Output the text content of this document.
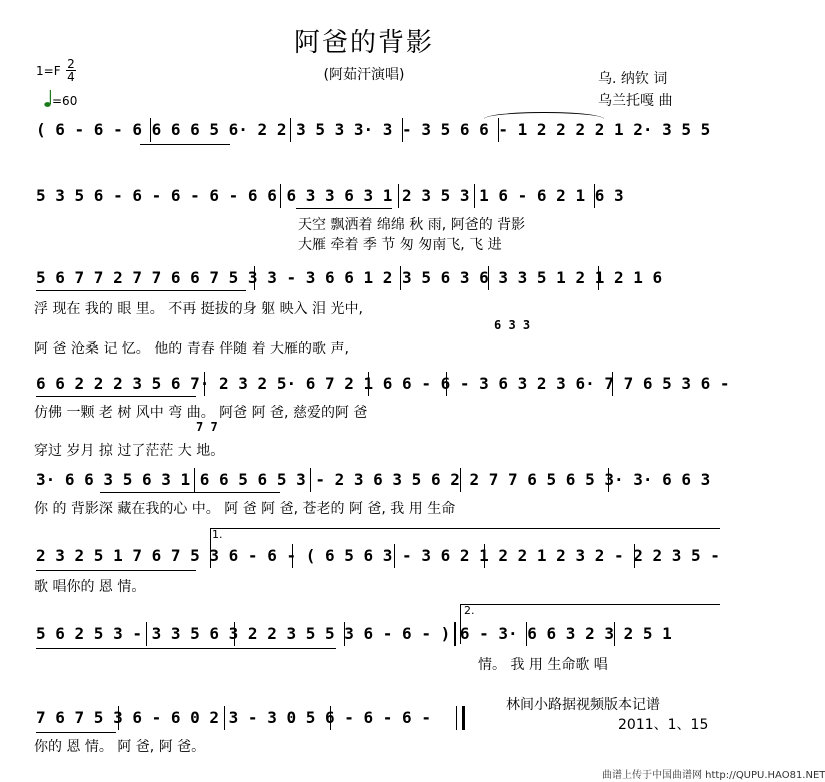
阿爸的背影
(阿茹汗演唱)	乌. 纳钦 词
乌兰托嘎 曲
1=F 2
4
=60
( 6 - 6 - 6 6 6 6 5 6· 2 2 3 5 3 3· 3 - 3 5 6 6 - 1 2 2 2 2 1 2· 3 5 5
5 3 5 6 - 6 - 6 - 6 - 6 6 6 3 3 6 3 1 2 3 5 3 1 6 - 6 2 1 6 3
天空 飘洒着 绵绵 秋 雨, 阿爸的 背影
大雁 牵着 季 节 匆 匆南飞, 飞 进
5 6 7 7 2 7 7 6 6 7 5 3 3 - 3 6 6 1 2 3 5 6 3 6 3 3 5 1 2 1 2 1 6
浮 现在 我的 眼 里。 不再 挺拔的身 躯 映入 泪 光中,
6 3 3
阿 爸 沧桑 记 忆。 他的 青春 伴随 着 大雁的歌 声,
6 6 2 2 2 3 5 6 7· 2 3 2 5· 6 7 2 1 6 6 - 6 - 3 6 3 2 3 6· 7 7 6 5 3 6 -
仿佛 一颗 老 树 风中 弯 曲。 阿爸 阿 爸, 慈爱的阿 爸
7 7
穿过 岁月 掠 过了茫茫 大 地。
3· 6 6 3 5 6 3 1 6 6 5 6 5 3 - 2 3 6 3 5 6 2 2 7 7 6 5 6 5 3· 3· 6 6 3
你 的 背影深 藏在我的心 中。 阿 爸 阿 爸, 苍老的 阿 爸, 我 用 生命
2 3 2 5 1 7 6 7 5 3 6 - 6 - ( 6 5 6 3 - 3 6 2 1 2 2 1 2 3 2 - 2 2 3 5 -
1.
歌 唱你的 恩 情。
5 6 2 5 3 - 3 3 5 6 3 2 2 3 5 5 3 6 - 6 - ) 6 - 3· 6 6 3 2 3 2 5 1
2.
情。 我 用 生命歌 唱
7 6 7 5 3 6 - 6 0 2 3 - 3 0 5 6 - 6 - 6 -
你的 恩 情。 阿 爸, 阿 爸。
林间小路据视频版本记谱
2011、1、15
曲谱上传于中国曲谱网 http://QUPU.HAO81.NET
